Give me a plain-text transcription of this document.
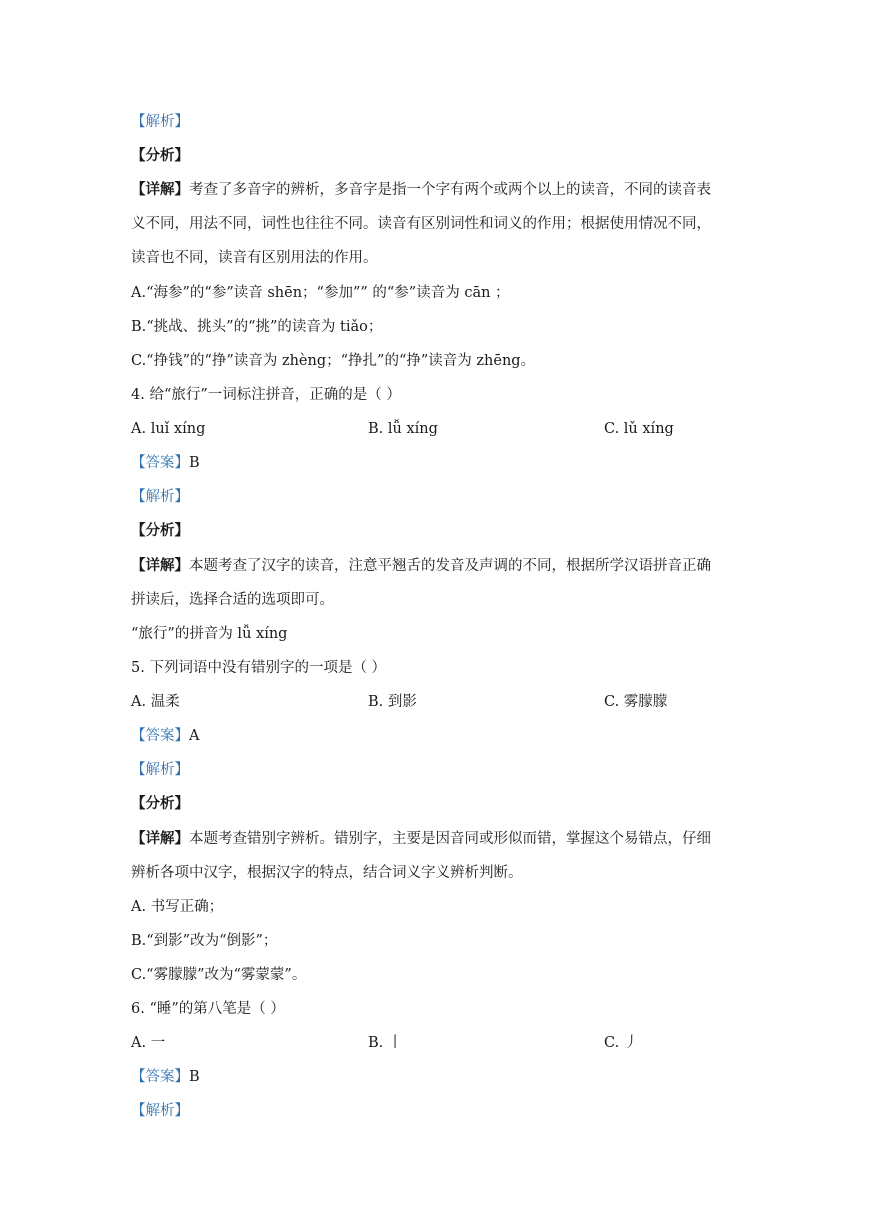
【解析】

【分析】

【详解】考查了多音字的辨析，多音字是指一个字有两个或两个以上的读音，不同的读音表

义不同，用法不同，词性也往往不同。读音有区别词性和词义的作用；根据使用情况不同，

读音也不同，读音有区别用法的作用。

A.“海参”的“参”读音 shēn；“参加”” 的“参”读音为 cān ；

B.“挑战、挑头”的“挑”的读音为 tiǎo；

C.“挣钱”的“挣”读音为 zhèng；“挣扎”的“挣”读音为 zhēng。

4. 给“旅行”一词标注拼音，正确的是（ ）

A. luǐ xíng	B. lǚ xíng	C. lǔ xíng

【答案】B

【解析】

【分析】

【详解】本题考查了汉字的读音，注意平翘舌的发音及声调的不同，根据所学汉语拼音正确

拼读后，选择合适的选项即可。

“旅行”的拼音为 lǚ xíng

5. 下列词语中没有错别字的一项是（ ）

A. 温柔	B. 到影	C. 雾朦朦

【答案】A

【解析】

【分析】

【详解】本题考查错别字辨析。错别字，主要是因音同或形似而错，掌握这个易错点，仔细

辨析各项中汉字，根据汉字的特点，结合词义字义辨析判断。

A. 书写正确；

B.“到影”改为“倒影”；

C.“雾朦朦”改为“雾蒙蒙”。

6. “睡”的第八笔是（ ）

A. 一	B. 丨	C. 丿

【答案】B

【解析】
